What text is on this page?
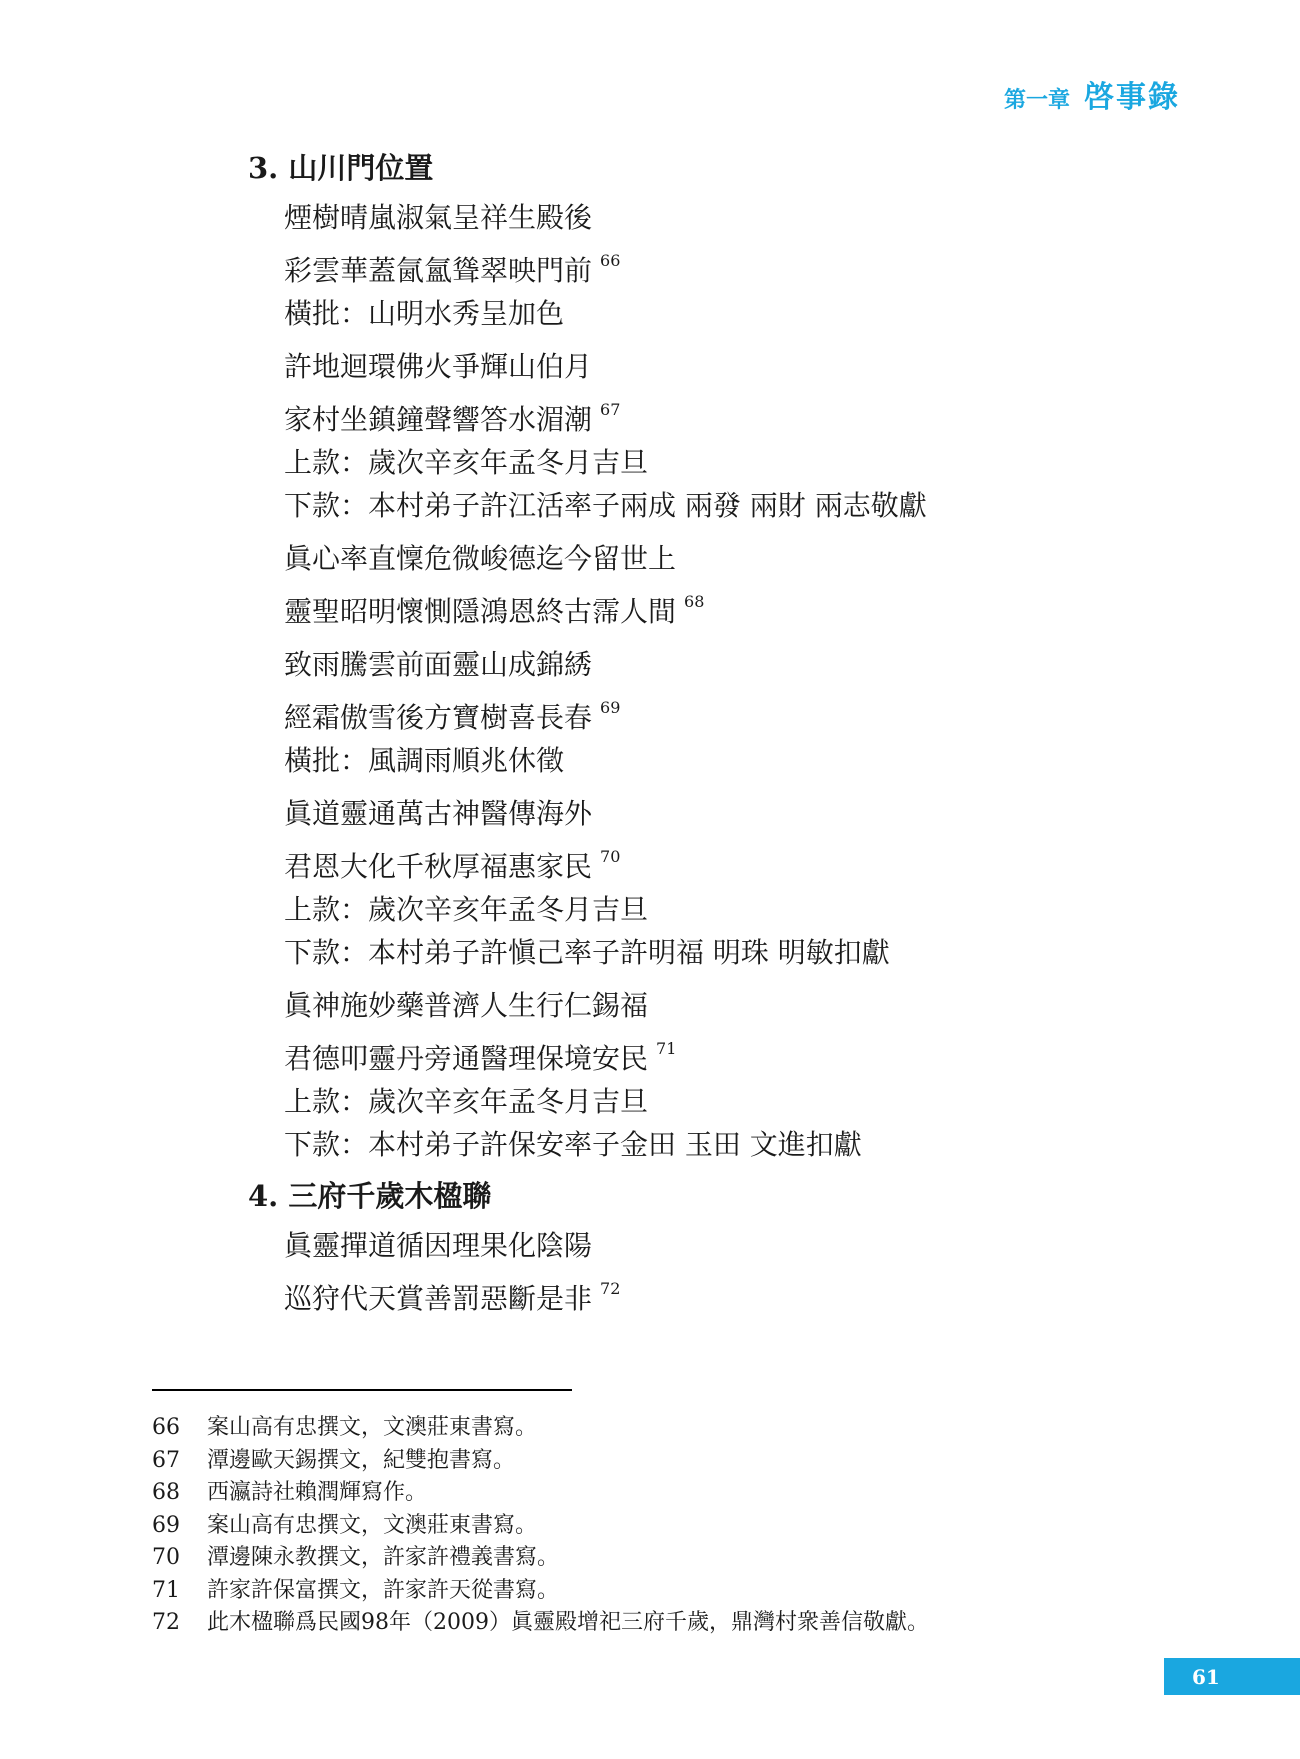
第一章 啓事錄
3. 山川門位置
煙樹晴嵐淑氣呈祥生殿後
彩雲華蓋氤氳聳翠映門前 $^{66}$
橫批：山明水秀呈加色
許地迴環佛火爭輝山伯月
家村坐鎮鐘聲響答水湄潮 $^{67}$
上款：歲次辛亥年孟冬月吉旦
下款：本村弟子許江活率子兩成 兩發 兩財 兩志敬獻
眞心率直懍危微峻德迄今留世上
靈聖昭明懷惻隱鴻恩終古霈人間 $^{68}$
致雨騰雲前面靈山成錦綉
經霜傲雪後方寶樹喜長春 $^{69}$
橫批：風調雨順兆休徵
眞道靈通萬古神醫傳海外
君恩大化千秋厚福惠家民 $^{70}$
上款：歲次辛亥年孟冬月吉旦
下款：本村弟子許愼己率子許明福 明珠 明敏扣獻
眞神施妙藥普濟人生行仁錫福
君德叩靈丹旁通醫理保境安民 $^{71}$
上款：歲次辛亥年孟冬月吉旦
下款：本村弟子許保安率子金田 玉田 文進扣獻
4. 三府千歲木楹聯
眞靈撣道循因理果化陰陽
巡狩代天賞善罰惡斷是非 $^{72}$
66	案山高有忠撰文，文澳莊東書寫。
67	潭邊歐天錫撰文，紀雙抱書寫。
68	西瀛詩社賴潤輝寫作。
69	案山高有忠撰文，文澳莊東書寫。
70	潭邊陳永教撰文，許家許禮義書寫。
71	許家許保富撰文，許家許天從書寫。
72	此木楹聯爲民國98年（2009）眞靈殿增祀三府千歲，鼎灣村衆善信敬獻。
61
